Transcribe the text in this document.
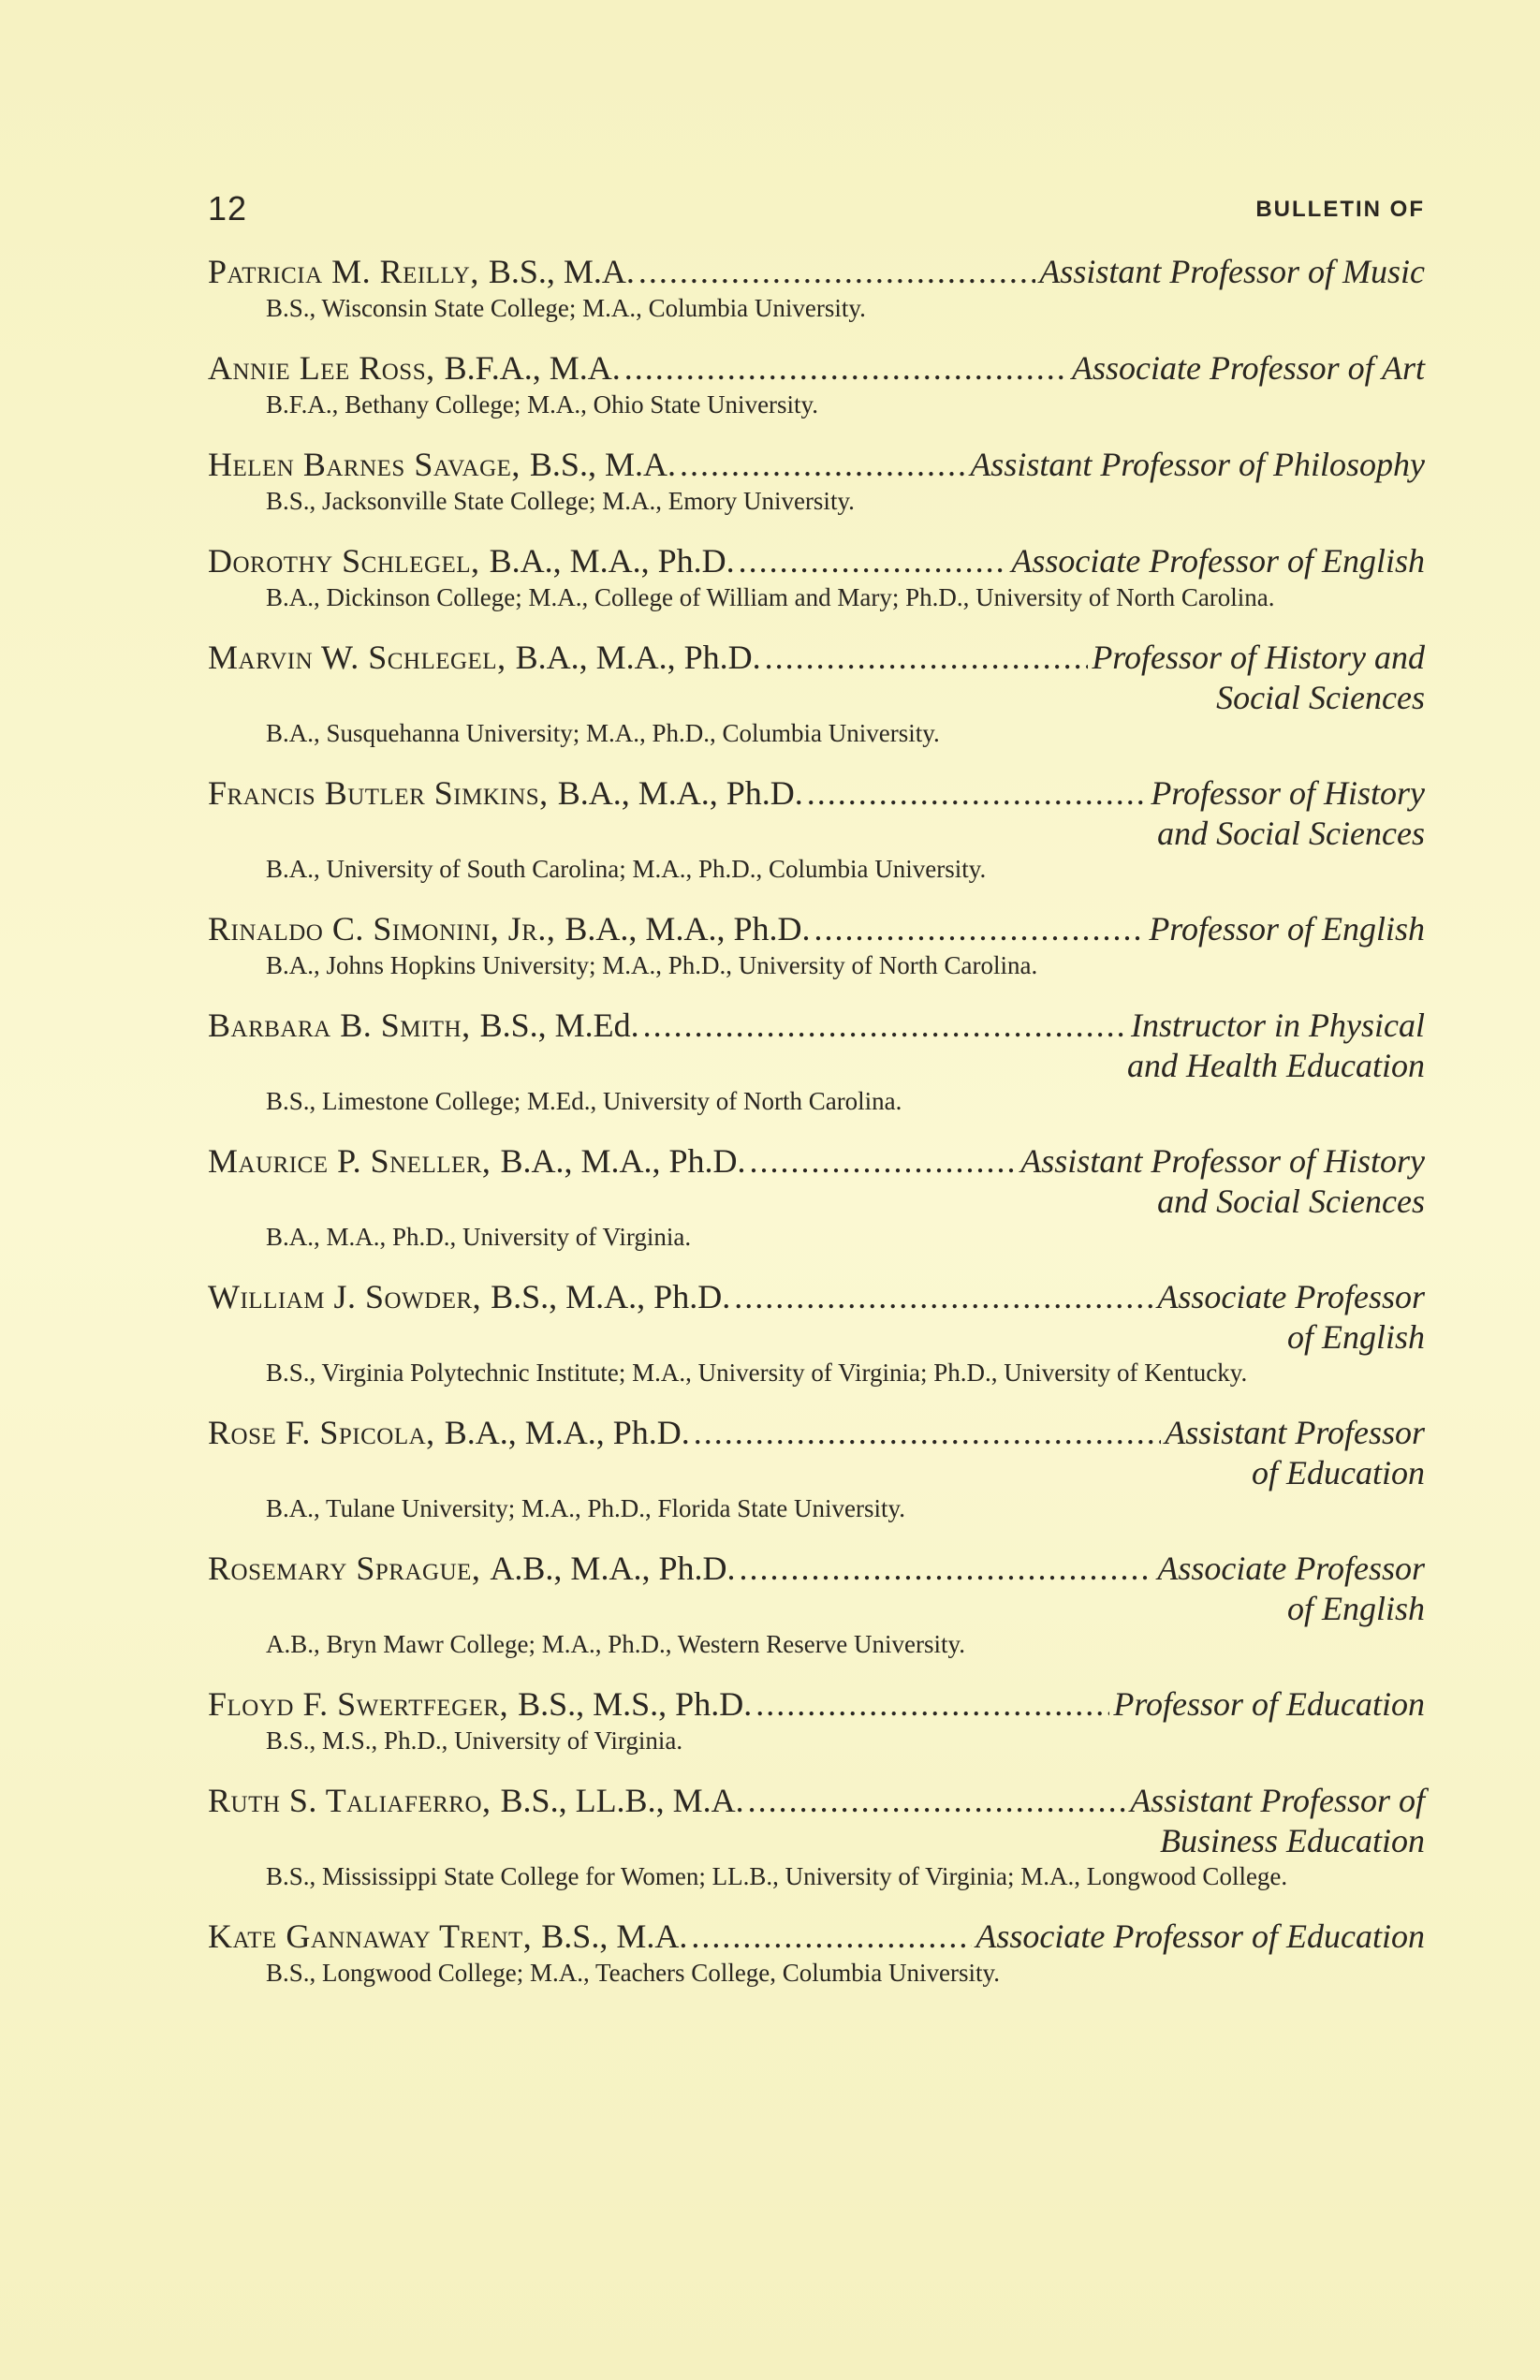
12	BULLETIN OF
Patricia M. Reilly, B.S., M.A. .....	Assistant Professor of Music
B.S., Wisconsin State College; M.A., Columbia University.
Annie Lee Ross, B.F.A., M.A. .....	Associate Professor of Art
B.F.A., Bethany College; M.A., Ohio State University.
Helen Barnes Savage, B.S., M.A. .....	Assistant Professor of Philosophy
B.S., Jacksonville State College; M.A., Emory University.
Dorothy Schlegel, B.A., M.A., Ph.D. .....	Associate Professor of English
B.A., Dickinson College; M.A., College of William and Mary; Ph.D., University of North Carolina.
Marvin W. Schlegel, B.A., M.A., Ph.D. .....	Professor of History and
Social Sciences
B.A., Susquehanna University; M.A., Ph.D., Columbia University.
Francis Butler Simkins, B.A., M.A., Ph.D. .....	Professor of History
and Social Sciences
B.A., University of South Carolina; M.A., Ph.D., Columbia University.
Rinaldo C. Simonini, Jr., B.A., M.A., Ph.D. .....	Professor of English
B.A., Johns Hopkins University; M.A., Ph.D., University of North Carolina.
Barbara B. Smith, B.S., M.Ed. .....	Instructor in Physical
and Health Education
B.S., Limestone College; M.Ed., University of North Carolina.
Maurice P. Sneller, B.A., M.A., Ph.D. .....	Assistant Professor of History
and Social Sciences
B.A., M.A., Ph.D., University of Virginia.
William J. Sowder, B.S., M.A., Ph.D. .....	Associate Professor
of English
B.S., Virginia Polytechnic Institute; M.A., University of Virginia; Ph.D., University of Kentucky.
Rose F. Spicola, B.A., M.A., Ph.D. .....	Assistant Professor
of Education
B.A., Tulane University; M.A., Ph.D., Florida State University.
Rosemary Sprague, A.B., M.A., Ph.D. .....	Associate Professor
of English
A.B., Bryn Mawr College; M.A., Ph.D., Western Reserve University.
Floyd F. Swertfeger, B.S., M.S., Ph.D. .....	Professor of Education
B.S., M.S., Ph.D., University of Virginia.
Ruth S. Taliaferro, B.S., LL.B., M.A. .....	Assistant Professor of
Business Education
B.S., Mississippi State College for Women; LL.B., University of Virginia; M.A., Longwood College.
Kate Gannaway Trent, B.S., M.A. .....	Associate Professor of Education
B.S., Longwood College; M.A., Teachers College, Columbia University.
